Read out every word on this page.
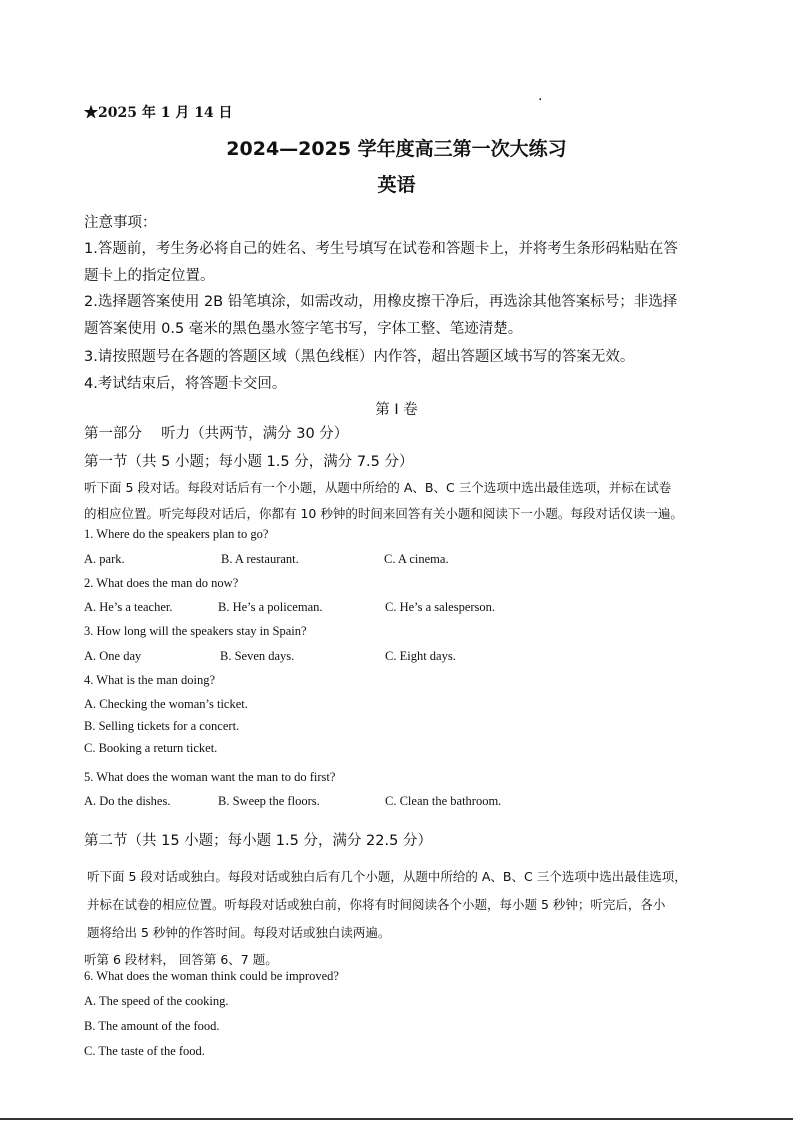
★2025 年 1 月 14 日
·
2024—2025 学年度高三第一次大练习
英语
注意事项：
1.答题前，考生务必将自己的姓名、考生号填写在试卷和答题卡上，并将考生条形码粘贴在答
题卡上的指定位置。
2.选择题答案使用 2B 铅笔填涂，如需改动，用橡皮擦干净后，再选涂其他答案标号；非选择
题答案使用 0.5 毫米的黑色墨水签字笔书写，字体工整、笔迹清楚。
3.请按照题号在各题的答题区域（黑色线框）内作答，超出答题区域书写的答案无效。
4.考试结束后，将答题卡交回。
第 I 卷
第一部分　 听力（共两节，满分 30 分）
第一节（共 5 小题；每小题 1.5 分，满分 7.5 分）
听下面 5 段对话。每段对话后有一个小题，从题中所给的 A、B、C 三个选项中选出最佳选项，并标在试卷
的相应位置。听完每段对话后，你都有 10 秒钟的时间来回答有关小题和阅读下一小题。每段对话仅读一遍。
1. Where do the speakers plan to go?
A. park.	B. A restaurant.	C. A cinema.
2. What does the man do now?
A. He’s a teacher.	B. He’s a policeman.	C. He’s a salesperson.
3. How long will the speakers stay in Spain?
A. One day	B. Seven days.	C. Eight days.
4. What is the man doing?
A. Checking the woman’s ticket.
B. Selling tickets for a concert.
C. Booking a return ticket.
5. What does the woman want the man to do first?
A. Do the dishes.	B. Sweep the floors.	C. Clean the bathroom.
第二节（共 15 小题；每小题 1.5 分，满分 22.5 分）
听下面 5 段对话或独白。每段对话或独白后有几个小题，从题中所给的 A、B、C 三个选项中选出最佳选项，
并标在试卷的相应位置。听每段对话或独白前，你将有时间阅读各个小题，每小题 5 秒钟；听完后，各小
题将给出 5 秒钟的作答时间。每段对话或独白读两遍。
听第 6 段材料， 回答第 6、7 题。
6. What does the woman think could be improved?
A. The speed of the cooking.
B. The amount of the food.
C. The taste of the food.
